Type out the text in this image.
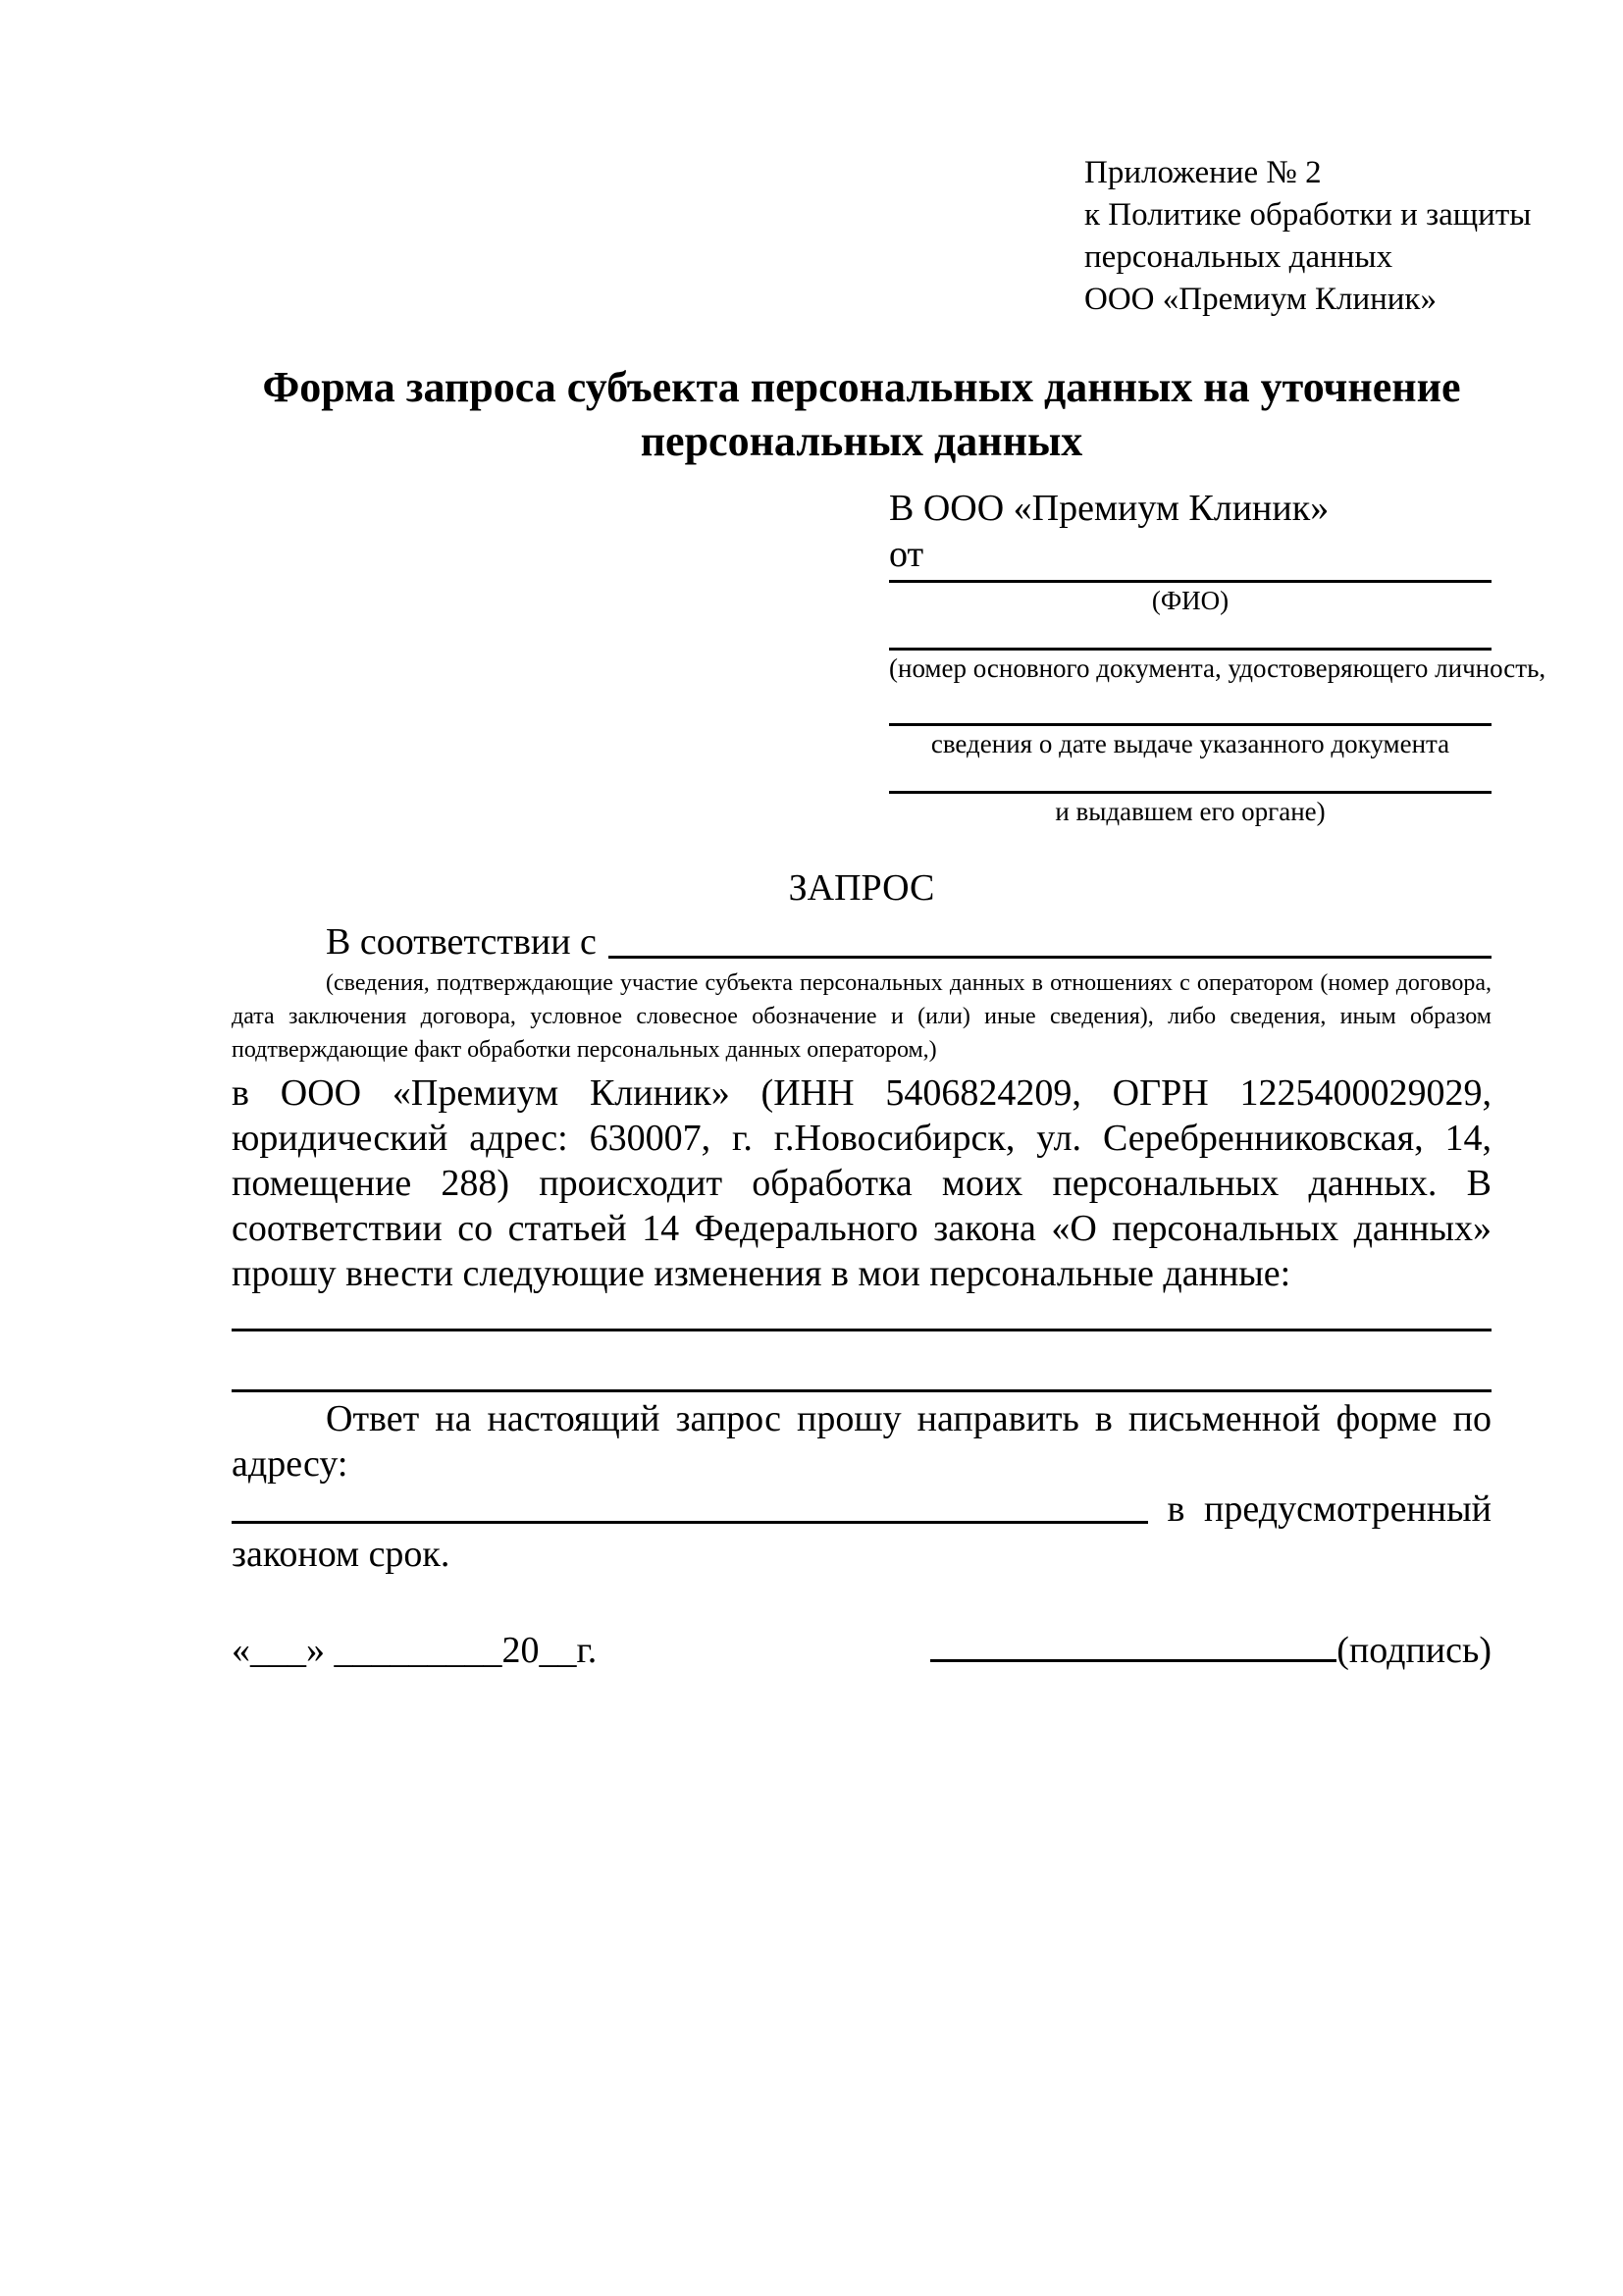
Приложение № 2
к Политике обработки и защиты
персональных данных
ООО «Премиум Клиник»
Форма запроса субъекта персональных данных на уточнение
персональных данных
В ООО «Премиум Клиник»
от
(ФИО)
(номер основного документа, удостоверяющего личность,
сведения о дате выдаче указанного документа
и выдавшем его органе)
ЗАПРОС
В соответствии с

(сведения, подтверждающие участие субъекта персональных данных в отношениях с оператором (номер договора, дата заключения договора, условное словесное обозначение и (или) иные сведения), либо сведения, иным образом подтверждающие факт обработки персональных данных оператором,)

в ООО «Премиум Клиник» (ИНН 5406824209, ОГРН 1225400029029, юридический адрес: 630007, г. г.Новосибирск, ул. Серебренниковская, 14, помещение 288) происходит обработка моих персональных данных. В соответствии со статьей 14 Федерального закона «О персональных данных» прошу внести следующие изменения в мои персональные данные:

Ответ на настоящий запрос прошу направить в письменной форме по адресу:

в предусмотренный

законом срок.

«___» _________20__г.	(подпись)
